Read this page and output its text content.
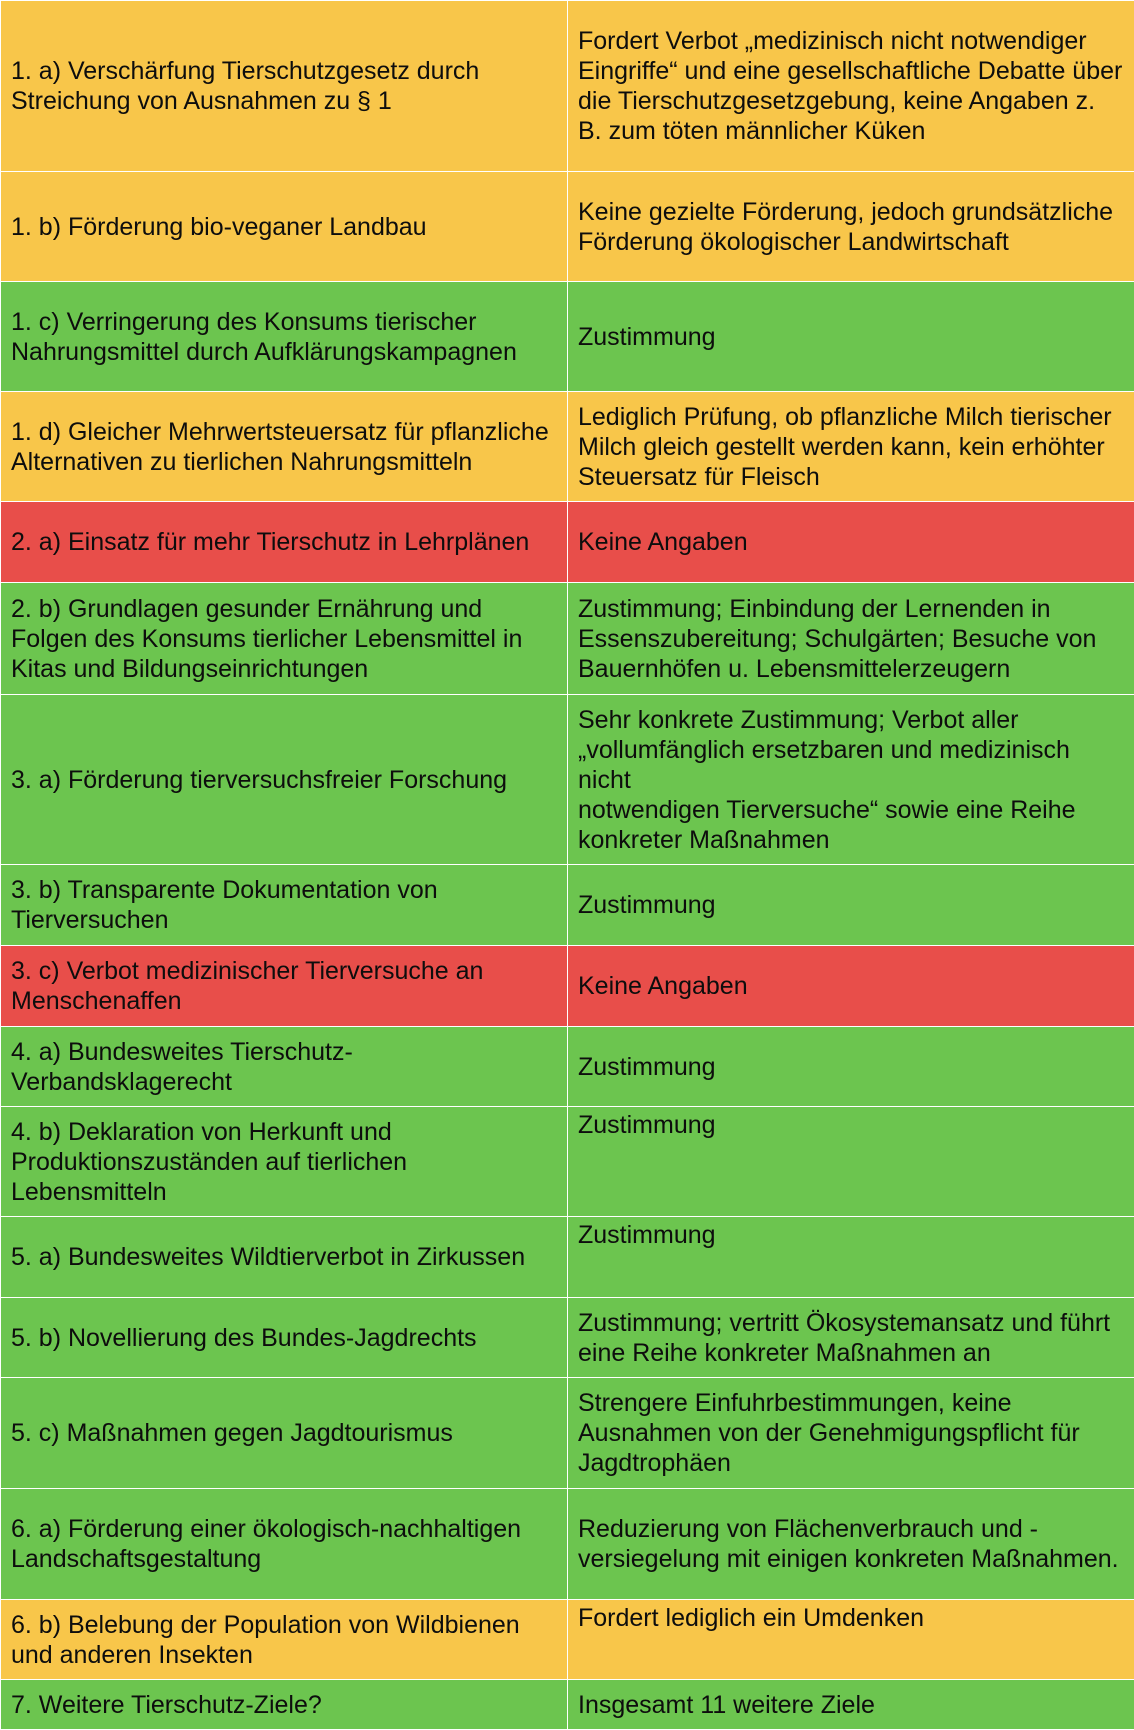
1. a) Verschärfung Tierschutzgesetz durch Streichung von Ausnahmen zu § 1	Fordert Verbot „medizinisch nicht notwendiger Eingriffe“ und eine gesellschaftliche Debatte über die Tierschutzgesetzgebung, keine Angaben z. B. zum töten männlicher Küken
1. b) Förderung bio-veganer Landbau	Keine gezielte Förderung, jedoch grundsätzliche Förderung ökologischer Landwirtschaft
1. c) Verringerung des Konsums tierischer Nahrungsmittel durch Aufklärungskampagnen	Zustimmung
1. d) Gleicher Mehrwertsteuersatz für pflanzliche Alternativen zu tierlichen Nahrungsmitteln	Lediglich Prüfung, ob pflanzliche Milch tierischer Milch gleich gestellt werden kann, kein erhöhter Steuersatz für Fleisch
2. a) Einsatz für mehr Tierschutz in Lehrplänen	Keine Angaben
2. b) Grundlagen gesunder Ernährung und Folgen des Konsums tierlicher Lebensmittel in Kitas und Bildungseinrichtungen	Zustimmung; Einbindung der Lernenden in Essenszubereitung; Schulgärten; Besuche von Bauernhöfen u. Lebensmittelerzeugern
3. a) Förderung tierversuchsfreier Forschung	Sehr konkrete Zustimmung; Verbot aller „vollumfänglich ersetzbaren und medizinisch nicht
notwendigen Tierversuche“ sowie eine Reihe konkreter Maßnahmen
3. b) Transparente Dokumentation von Tierversuchen	Zustimmung
3. c) Verbot medizinischer Tierversuche an Menschenaffen	Keine Angaben
4. a) Bundesweites Tierschutz-Verbandsklagerecht	Zustimmung
4. b) Deklaration von Herkunft und Produktionszuständen auf tierlichen Lebensmitteln	Zustimmung
5. a) Bundesweites Wildtierverbot in Zirkussen	Zustimmung
5. b) Novellierung des Bundes-Jagdrechts	Zustimmung; vertritt Ökosystemansatz und führt eine Reihe konkreter Maßnahmen an
5. c) Maßnahmen gegen Jagdtourismus	Strengere Einfuhrbestimmungen, keine Ausnahmen von der Genehmigungspflicht für Jagdtrophäen
6. a) Förderung einer ökologisch-nachhaltigen Landschaftsgestaltung	Reduzierung von Flächenverbrauch und -versiegelung mit einigen konkreten Maßnahmen.
6. b) Belebung der Population von Wildbienen und anderen Insekten	Fordert lediglich ein Umdenken
7. Weitere Tierschutz-Ziele?	Insgesamt 11 weitere Ziele
